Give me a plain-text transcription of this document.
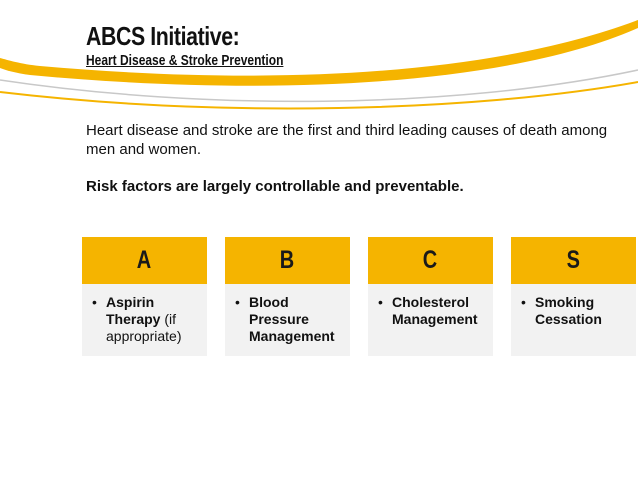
ABCS Initiative:
Heart Disease & Stroke Prevention

Heart disease and stroke are the first and third leading causes of death among men and women.

Risk factors are largely controllable and preventable.

A
• Aspirin Therapy (if appropriate)
B
• Blood Pressure Management
C
• Cholesterol Management
S
• Smoking Cessation
